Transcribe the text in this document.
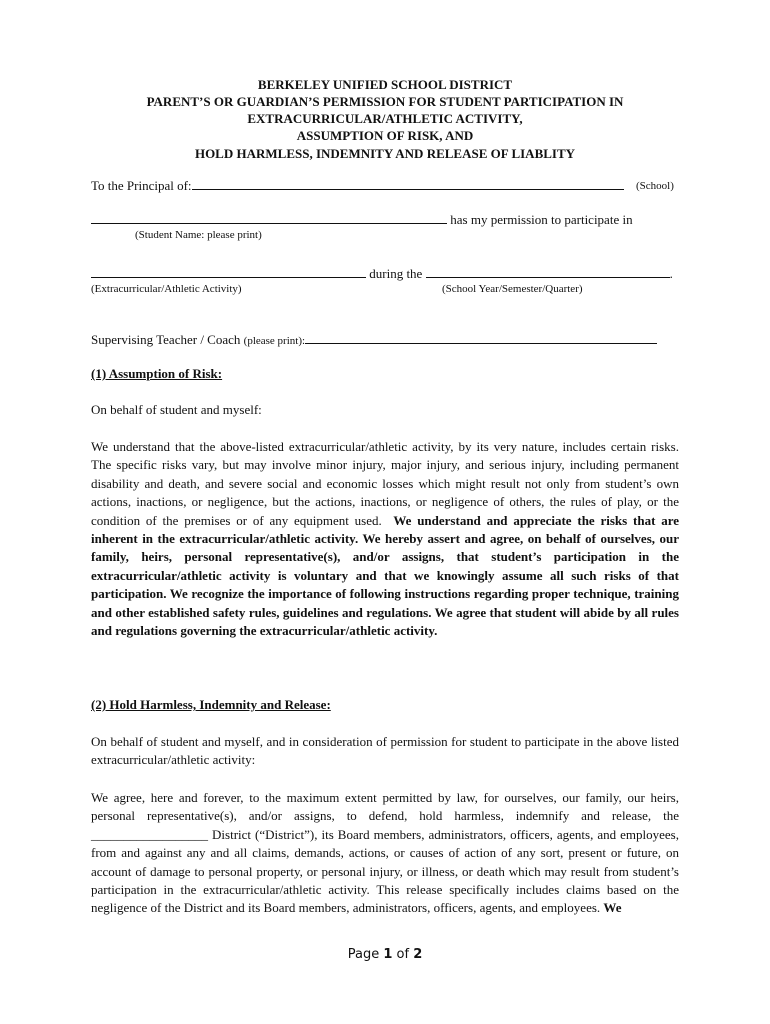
BERKELEY UNIFIED SCHOOL DISTRICT
PARENT’S OR GUARDIAN’S PERMISSION FOR STUDENT PARTICIPATION IN
EXTRACURRICULAR/ATHLETIC ACTIVITY,
ASSUMPTION OF RISK, AND
HOLD HARMLESS, INDEMNITY AND RELEASE OF LIABLITY
To the Principal of:	(School)
has my permission to participate in
(Student Name: please print)
during the	.
(Extracurricular/Athletic Activity)	(School Year/Semester/Quarter)
Supervising Teacher / Coach (please print):
(1) Assumption of Risk:
On behalf of student and myself:
We understand that the above-listed extracurricular/athletic activity, by its very nature, includes certain risks. The specific risks vary, but may involve minor injury, major injury, and serious injury, including permanent disability and death, and severe social and economic losses which might result not only from student’s own actions, inactions, or negligence, but the actions, inactions, or negligence of others, the rules of play, or the condition of the premises or of any equipment used. We understand and appreciate the risks that are inherent in the extracurricular/athletic activity. We hereby assert and agree, on behalf of ourselves, our family, heirs, personal representative(s), and/or assigns, that student’s participation in the extracurricular/athletic activity is voluntary and that we knowingly assume all such risks of that participation. We recognize the importance of following instructions regarding proper technique, training and other established safety rules, guidelines and regulations. We agree that student will abide by all rules and regulations governing the extracurricular/athletic activity.
(2) Hold Harmless, Indemnity and Release:
On behalf of student and myself, and in consideration of permission for student to participate in the above listed extracurricular/athletic activity:
We agree, here and forever, to the maximum extent permitted by law, for ourselves, our family, our heirs, personal representative(s), and/or assigns, to defend, hold harmless, indemnify and release, the __________________ District (“District”), its Board members, administrators, officers, agents, and employees, from and against any and all claims, demands, actions, or causes of action of any sort, present or future, on account of damage to personal property, or personal injury, or illness, or death which may result from student’s participation in the extracurricular/athletic activity. This release specifically includes claims based on the negligence of the District and its Board members, administrators, officers, agents, and employees. We
Page 1 of 2
